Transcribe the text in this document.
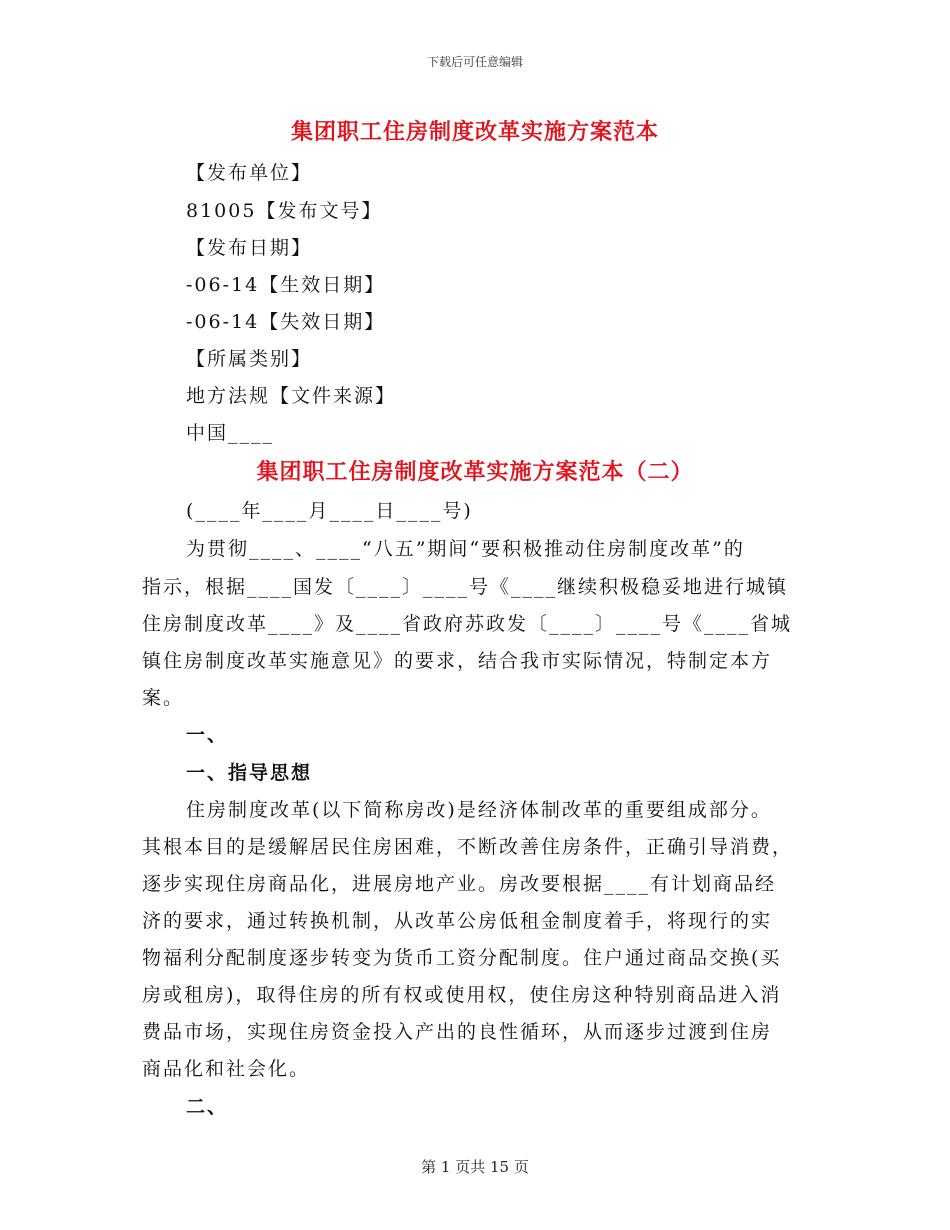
下载后可任意编辑
集团职工住房制度改革实施方案范本
【发布单位】
81005【发布文号】
【发布日期】
-06-14【生效日期】
-06-14【失效日期】
【所属类别】
地方法规【文件来源】
中国____
集团职工住房制度改革实施方案范本（二）
(____年____月____日____号)
为贯彻____、____“八五”期间“要积极推动住房制度改革”的
指示，根据____国发〔____〕____号《____继续积极稳妥地进行城镇
住房制度改革____》及____省政府苏政发〔____〕____号《____省城
镇住房制度改革实施意见》的要求，结合我市实际情况，特制定本方
案。
一、
一、指导思想
住房制度改革(以下简称房改)是经济体制改革的重要组成部分。
其根本目的是缓解居民住房困难，不断改善住房条件，正确引导消费，
逐步实现住房商品化，进展房地产业。房改要根据____有计划商品经
济的要求，通过转换机制，从改革公房低租金制度着手，将现行的实
物福利分配制度逐步转变为货币工资分配制度。住户通过商品交换(买
房或租房)，取得住房的所有权或使用权，使住房这种特别商品进入消
费品市场，实现住房资金投入产出的良性循环，从而逐步过渡到住房
商品化和社会化。
二、
第 1 页共 15 页
